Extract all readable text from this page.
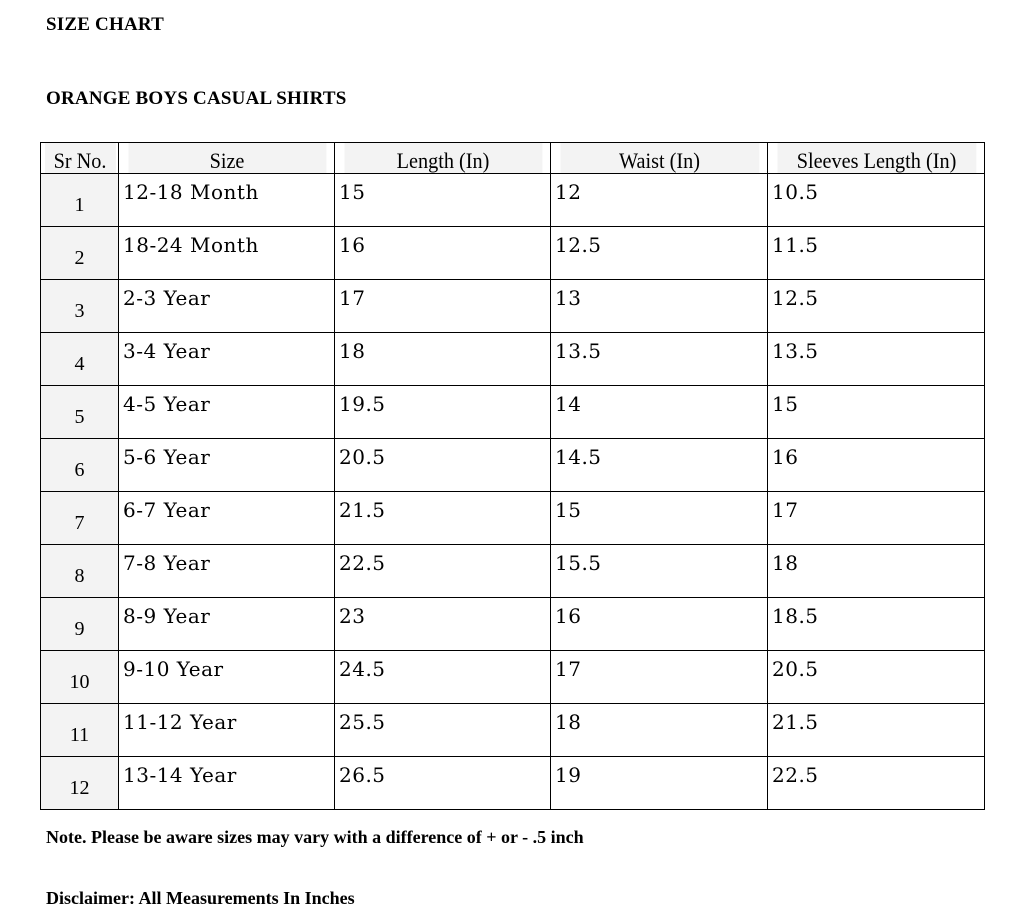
SIZE CHART
ORANGE BOYS CASUAL SHIRTS
Sr No.	Size	Length (In)	Waist (In)	Sleeves Length (In)
1	12-18 Month	15	12	10.5
2	18-24 Month	16	12.5	11.5
3	2-3 Year	17	13	12.5
4	3-4 Year	18	13.5	13.5
5	4-5 Year	19.5	14	15
6	5-6 Year	20.5	14.5	16
7	6-7 Year	21.5	15	17
8	7-8 Year	22.5	15.5	18
9	8-9 Year	23	16	18.5
10	9-10 Year	24.5	17	20.5
11	11-12 Year	25.5	18	21.5
12	13-14 Year	26.5	19	22.5
Note. Please be aware sizes may vary with a difference of + or - .5 inch
Disclaimer: All Measurements In Inches
